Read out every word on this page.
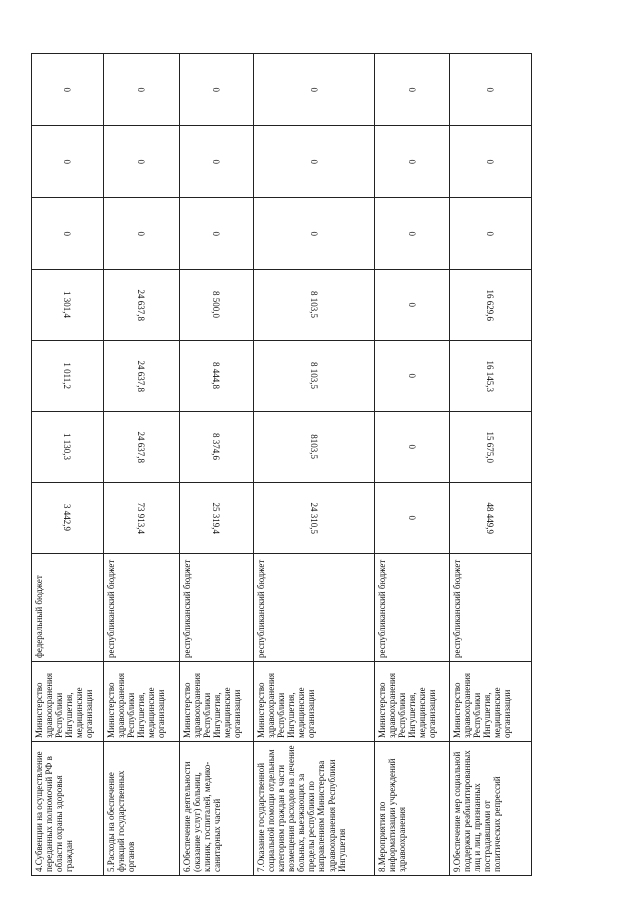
4.Субвенции на осуществление переданных полномочий РФ в области охраны здоровья граждан	Министерство здравоохранения Республики Ингушетия, медицинские организации	федеральный бюджет	3 442,9	1 130,3	1 011,2	1 301,4	0	0	0
5.Расходы на обеспечение функций государственных органов	Министерство здравоохранения Республики Ингушетия, медицинские организации	республиканский бюджет	73 913,4	24 637,8	24 637,8	24 637,8	0	0	0
6.Обеспечение деятельности (оказание услуг) больниц, клиник, госпиталей, медико-санитарных частей	Министерство здравоохранения Республики Ингушетия, медицинские организации	республиканский бюджет	25 319,4	8 374,6	8 444,8	8 500,0	0	0	0
7.Оказание государственной социальной помощи отдельным категориям граждан в части возмещения расходов на лечение больных, выезжающих за пределы республики по направлениям Министерства здравоохранения Республики Ингушетия	Министерство здравоохранения Республики Ингушетия, медицинские организации	республиканский бюджет	24 310,5	8103,5	8 103,5	8 103,5	0	0	0
8.Мероприятия по информатизации учреждений здравоохранения	Министерство здравоохранения Республики Ингушетия, медицинские организации	республиканский бюджет	0	0	0	0	0	0	0
9.Обеспечение мер социальной поддержки реабилитированных лиц и лиц, признанных пострадавшими от политических репрессий	Министерство здравоохранения Республики Ингушетия, медицинские организации	республиканский бюджет	48 449,9	15 675,0	16 145,3	16 629,6	0	0	0
